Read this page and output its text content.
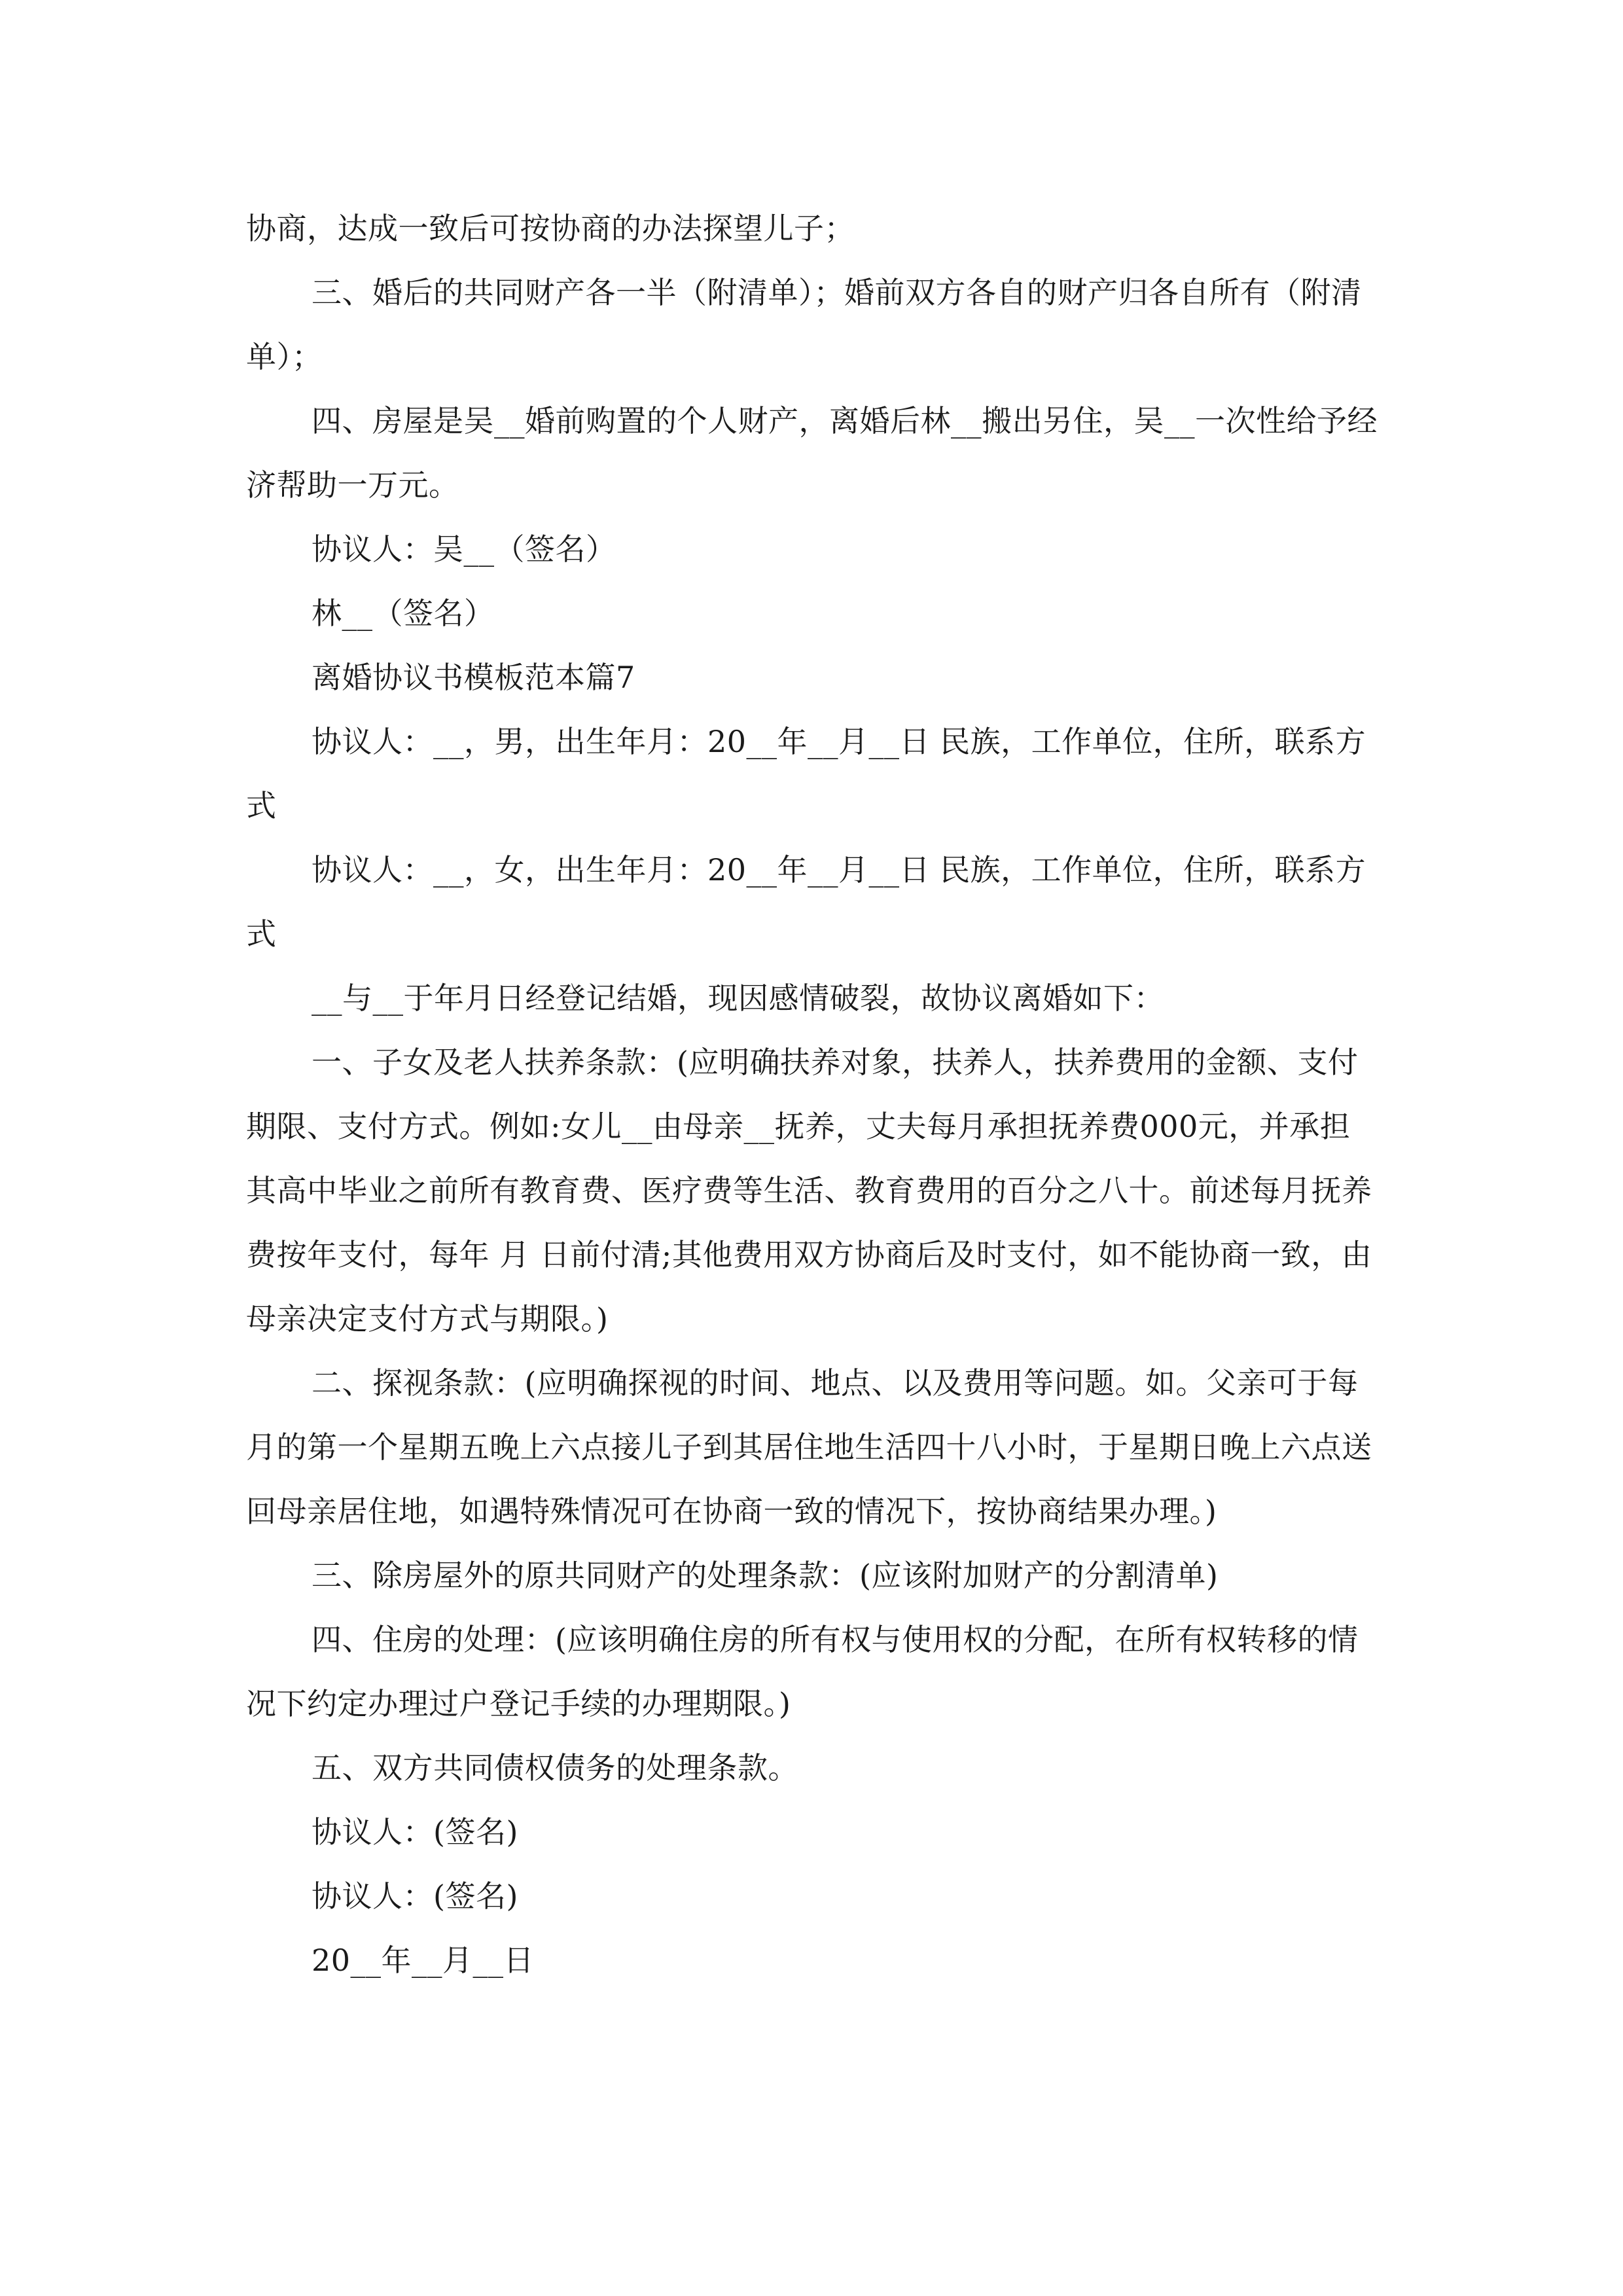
协商，达成一致后可按协商的办法探望儿子；

三、婚后的共同财产各一半（附清单）；婚前双方各自的财产归各自所有（附清单）；

四、房屋是吴__婚前购置的个人财产，离婚后林__搬出另住，吴__一次性给予经济帮助一万元。

协议人：吴__（签名）

林__（签名）

离婚协议书模板范本篇7

协议人：__，男，出生年月：20__年__月__日 民族，工作单位，住所，联系方式

协议人：__，女，出生年月：20__年__月__日 民族，工作单位，住所，联系方式

__与__于年月日经登记结婚，现因感情破裂，故协议离婚如下：

一、子女及老人扶养条款：(应明确扶养对象，扶养人，扶养费用的金额、支付期限、支付方式。例如:女儿__由母亲__抚养，丈夫每月承担抚养费000元，并承担其高中毕业之前所有教育费、医疗费等生活、教育费用的百分之八十。前述每月抚养费按年支付，每年 月 日前付清;其他费用双方协商后及时支付，如不能协商一致，由母亲决定支付方式与期限。)

二、探视条款：(应明确探视的时间、地点、以及费用等问题。如。父亲可于每月的第一个星期五晚上六点接儿子到其居住地生活四十八小时，于星期日晚上六点送回母亲居住地，如遇特殊情况可在协商一致的情况下，按协商结果办理。)

三、除房屋外的原共同财产的处理条款：(应该附加财产的分割清单)

四、住房的处理：(应该明确住房的所有权与使用权的分配，在所有权转移的情况下约定办理过户登记手续的办理期限。)

五、双方共同债权债务的处理条款。

协议人：(签名)

协议人：(签名)

20__年__月__日
